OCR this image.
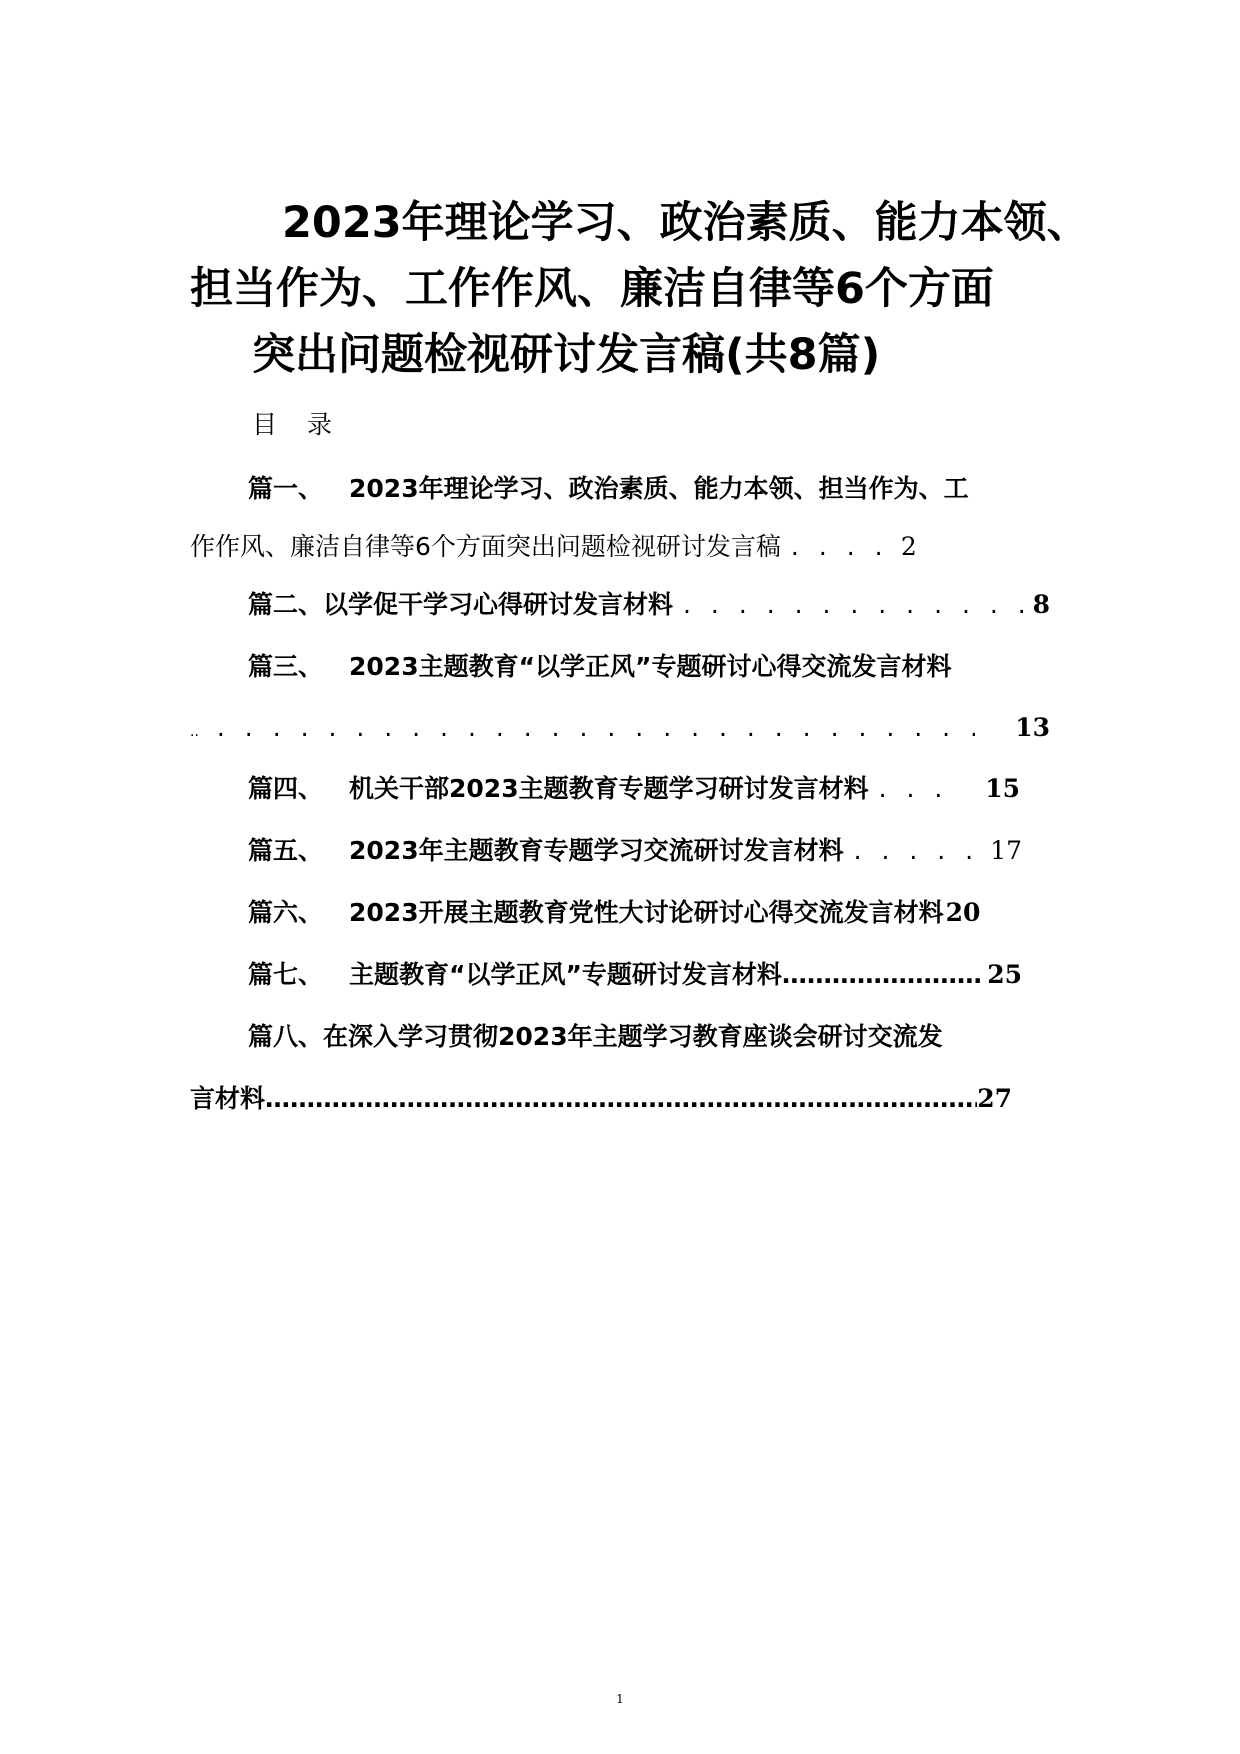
2023年理论学习、政治素质、能力本领、
担当作为、工作作风、廉洁自律等6个方面
突出问题检视研讨发言稿(共8篇)
目录
篇一、 2023年理论学习、政治素质、能力本领、担当作为、工
作作风、廉洁自律等6个方面突出问题检视研讨发言稿 . . .	2
篇二、 以学促干学习心得研讨发言材料 . . .	8
篇三、 2023主题教育“以学正风”专题研讨心得交流发言材料
.. . . .	13
篇四、 机关干部2023主题教育专题学习研讨发言材料 . . .	15
篇五、 2023年主题教育专题学习交流研讨发言材料 . . .	17
篇六、 2023开展主题教育党性大讨论研讨心得交流发言材料 20
篇七、 主题教育“以学正风”专题研讨发言材料 …………………………………………………………………………………………………………………………………………	25
篇八、 在深入学习贯彻2023年主题学习教育座谈会研讨交流发
言材料 …………………………………………………………………………………………………………………………………………	27
1
